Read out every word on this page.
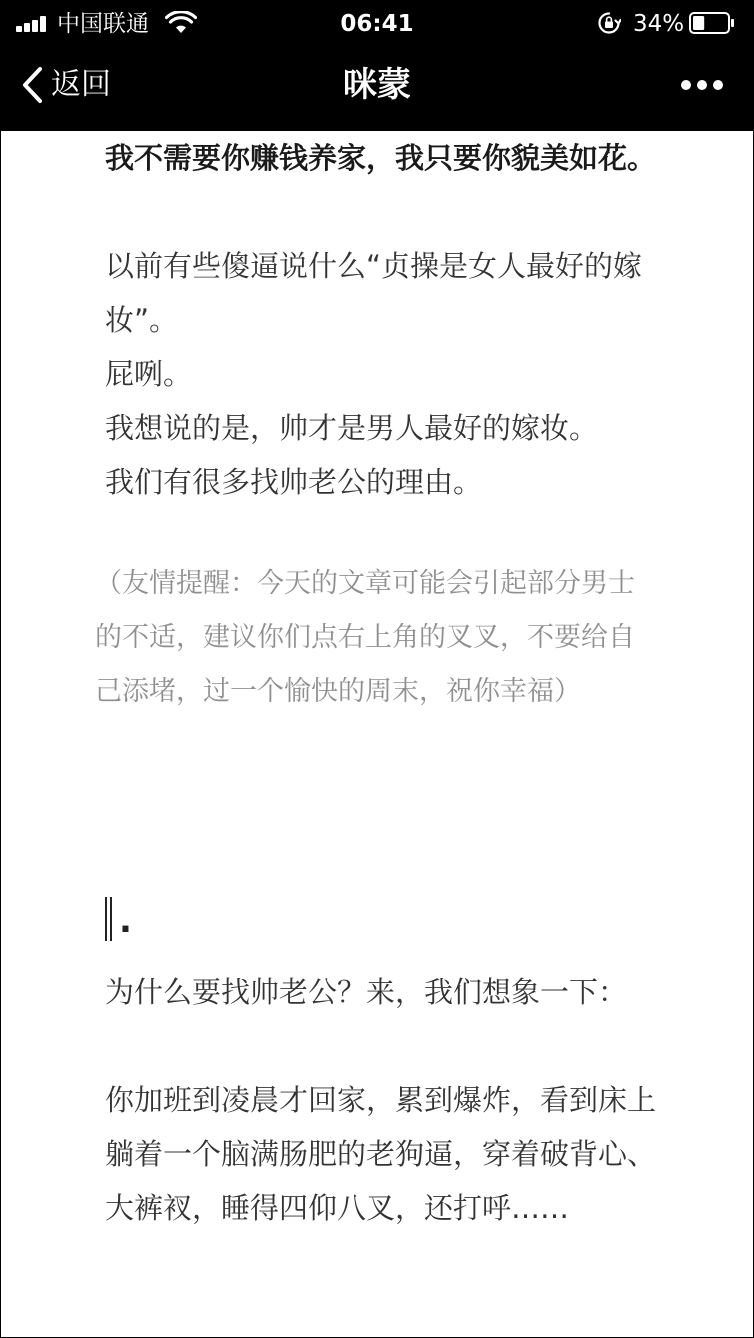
中国联通	06:41	34%
返回	咪蒙

我不需要你赚钱养家，我只要你貌美如花。

以前有些傻逼说什么“贞操是女人最好的嫁妆”。

屁咧。

我想说的是，帅才是男人最好的嫁妆。

我们有很多找帅老公的理由。

（友情提醒：今天的文章可能会引起部分男士的不适，建议你们点右上角的叉叉，不要给自己添堵，过一个愉快的周末，祝你幸福）

.

为什么要找帅老公？来，我们想象一下：

你加班到凌晨才回家，累到爆炸，看到床上躺着一个脑满肠肥的老狗逼，穿着破背心、大裤衩，睡得四仰八叉，还打呼……
